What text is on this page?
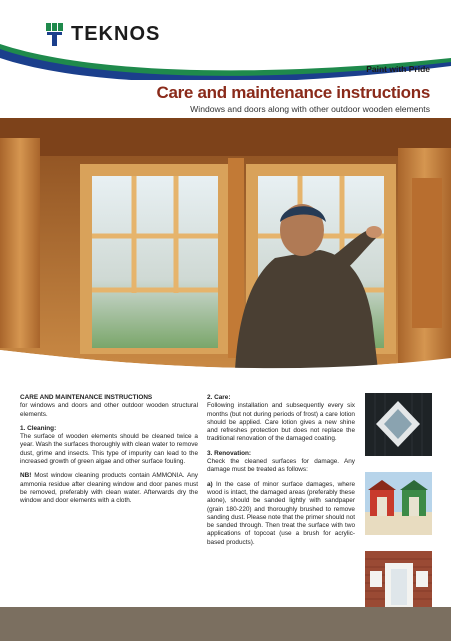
TEKNOS
Paint with Pride
Care and maintenance instructions
Windows and doors along with other outdoor wooden elements

CARE AND MAINTENANCE INSTRUCTIONS
for windows and doors and other outdoor wooden structural elements.

1. Cleaning:
The surface of wooden elements should be cleaned twice a year. Wash the surfaces thoroughly with clean water to remove dust, grime and insects. This type of impurity can lead to the increased growth of green algae and other surface fouling.

NB! Most window cleaning products contain AMMONIA. Any ammonia residue after cleaning window and door panes must be removed, preferably with clean water. Afterwards dry the window and door elements with a cloth.

2. Care:
Following installation and subsequently every six months (but not during periods of frost) a care lotion should be applied. Care lotion gives a new shine and refreshes protection but does not replace the traditional renovation of the damaged coating.

3. Renovation:
Check the cleaned surfaces for damage. Any damage must be treated as follows:

a) In the case of minor surface damages, where wood is intact, the damaged areas (preferably these alone), should be sanded lightly with sandpaper (grain 180-220) and thoroughly brushed to remove sanding dust. Please note that the primer should not be sanded through. Then treat the surface with two applications of topcoat (use a brush for acrylic-based products).
